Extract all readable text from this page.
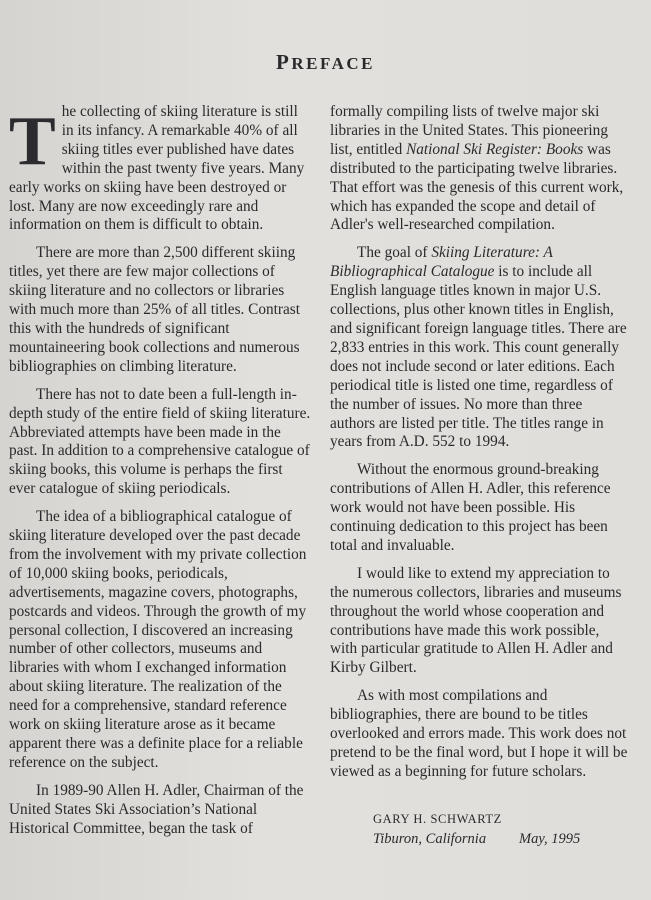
PREFACE

The collecting of skiing literature is still in its infancy. A remarkable 40% of all skiing titles ever published have dates within the past twenty five years. Many early works on skiing have been destroyed or lost. Many are now exceedingly rare and information on them is difficult to obtain.

There are more than 2,500 different skiing titles, yet there are few major collections of skiing literature and no collectors or libraries with much more than 25% of all titles. Contrast this with the hundreds of significant mountaineering book collections and numerous bibliographies on climbing literature.

There has not to date been a full-length in-depth study of the entire field of skiing literature. Abbreviated attempts have been made in the past. In addition to a comprehensive catalogue of skiing books, this volume is perhaps the first ever catalogue of skiing periodicals.

The idea of a bibliographical catalogue of skiing literature developed over the past decade from the involvement with my private collection of 10,000 skiing books, periodicals, advertisements, magazine covers, photographs, postcards and videos. Through the growth of my personal collection, I discovered an increasing number of other collectors, museums and libraries with whom I exchanged information about skiing literature. The realization of the need for a comprehensive, standard reference work on skiing literature arose as it became apparent there was a definite place for a reliable reference on the subject.

In 1989-90 Allen H. Adler, Chairman of the United States Ski Association’s National Historical Committee, began the task of

formally compiling lists of twelve major ski libraries in the United States. This pioneering list, entitled National Ski Register: Books was distributed to the participating twelve libraries. That effort was the genesis of this current work, which has expanded the scope and detail of Adler's well-researched compilation.

The goal of Skiing Literature: A Bibliographical Catalogue is to include all English language titles known in major U.S. collections, plus other known titles in English, and significant foreign language titles. There are 2,833 entries in this work. This count generally does not include second or later editions. Each periodical title is listed one time, regardless of the number of issues. No more than three authors are listed per title. The titles range in years from A.D. 552 to 1994.

Without the enormous ground-breaking contributions of Allen H. Adler, this reference work would not have been possible. His continuing dedication to this project has been total and invaluable.

I would like to extend my appreciation to the numerous collectors, libraries and museums throughout the world whose cooperation and contributions have made this work possible, with particular gratitude to Allen H. Adler and Kirby Gilbert.

As with most compilations and bibliographies, there are bound to be titles overlooked and errors made. This work does not pretend to be the final word, but I hope it will be viewed as a beginning for future scholars.

GARY H. SCHWARTZ
Tiburon, California May, 1995
